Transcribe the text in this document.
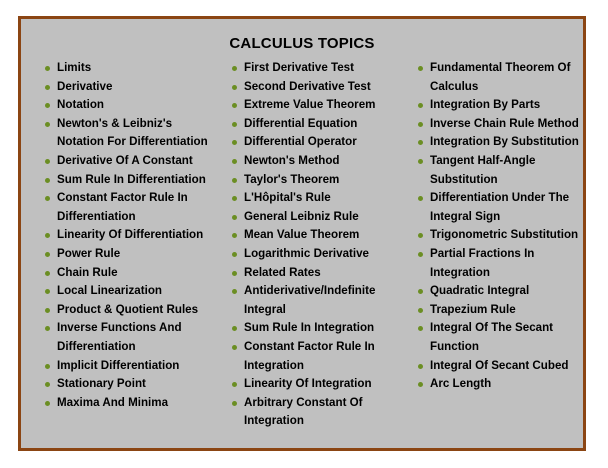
CALCULUS TOPICS
Limits
Derivative
Notation
Newton's & Leibniz's Notation For Differentiation
Derivative Of A Constant
Sum Rule In Differentiation
Constant Factor Rule In Differentiation
Linearity Of Differentiation
Power Rule
Chain Rule
Local Linearization
Product & Quotient Rules
Inverse Functions And Differentiation
Implicit Differentiation
Stationary Point
Maxima And Minima
First Derivative Test
Second Derivative Test
Extreme Value Theorem
Differential Equation
Differential Operator
Newton's Method
Taylor's Theorem
L'Hôpital's Rule
General Leibniz Rule
Mean Value Theorem
Logarithmic Derivative
Related Rates
Antiderivative/Indefinite Integral
Sum Rule In Integration
Constant Factor Rule In Integration
Linearity Of Integration
Arbitrary Constant Of Integration
Fundamental Theorem Of Calculus
Integration By Parts
Inverse Chain Rule Method
Integration By Substitution
Tangent Half-Angle Substitution
Differentiation Under The Integral Sign
Trigonometric Substitution
Partial Fractions In Integration
Quadratic Integral
Trapezium Rule
Integral Of The Secant Function
Integral Of Secant Cubed
Arc Length
